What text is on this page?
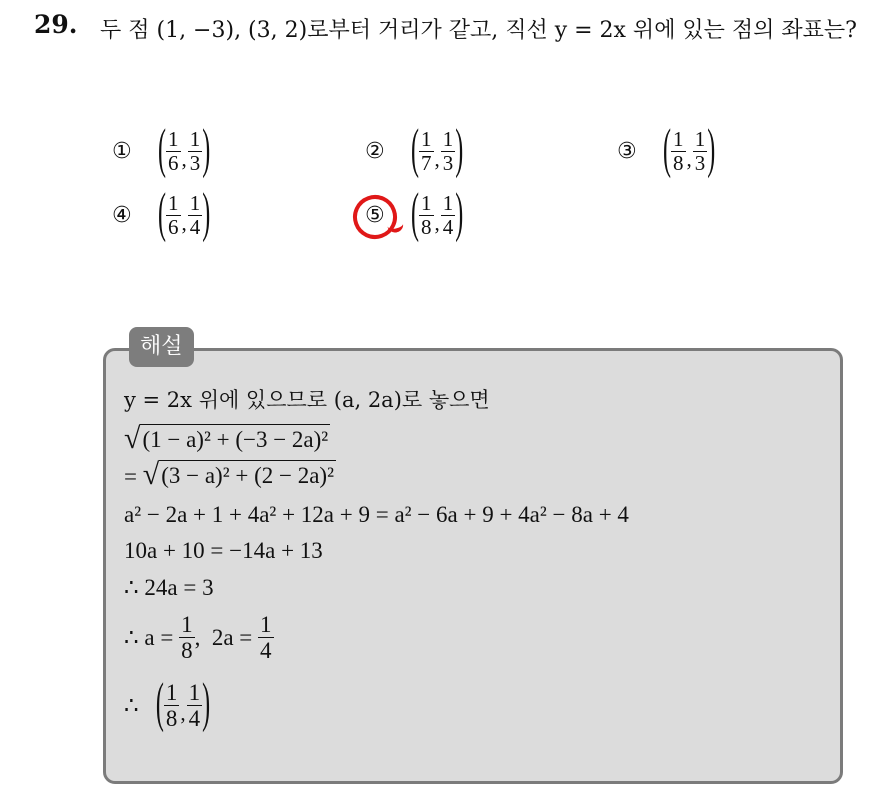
29. 두 점 (1, −3), (3, 2)로부터 거리가 같고, 직선 y = 2x 위에 있는 점의 좌표는?
①	( $\frac{1}{6}$ , $\frac{1}{3}$ )	②	( $\frac{1}{7}$ , $\frac{1}{3}$ )	③	( $\frac{1}{8}$ , $\frac{1}{3}$ )
④	( $\frac{1}{6}$ , $\frac{1}{4}$ )	⑤	( $\frac{1}{8}$ , $\frac{1}{4}$ )
해설
y = 2x 위에 있으므로 (a, 2a)로 놓으면
√ (1 − a)² + (−3 − 2a)²
= √ (3 − a)² + (2 − 2a)²
a² − 2a + 1 + 4a² + 12a + 9 = a² − 6a + 9 + 4a² − 8a + 4
10a + 10 = −14a + 13
∴ 24a = 3
∴ a =
$\frac{1}{8}$ ,  2a =
$\frac{1}{4}$
∴
( $\frac{1}{8}$ , $\frac{1}{4}$ )
